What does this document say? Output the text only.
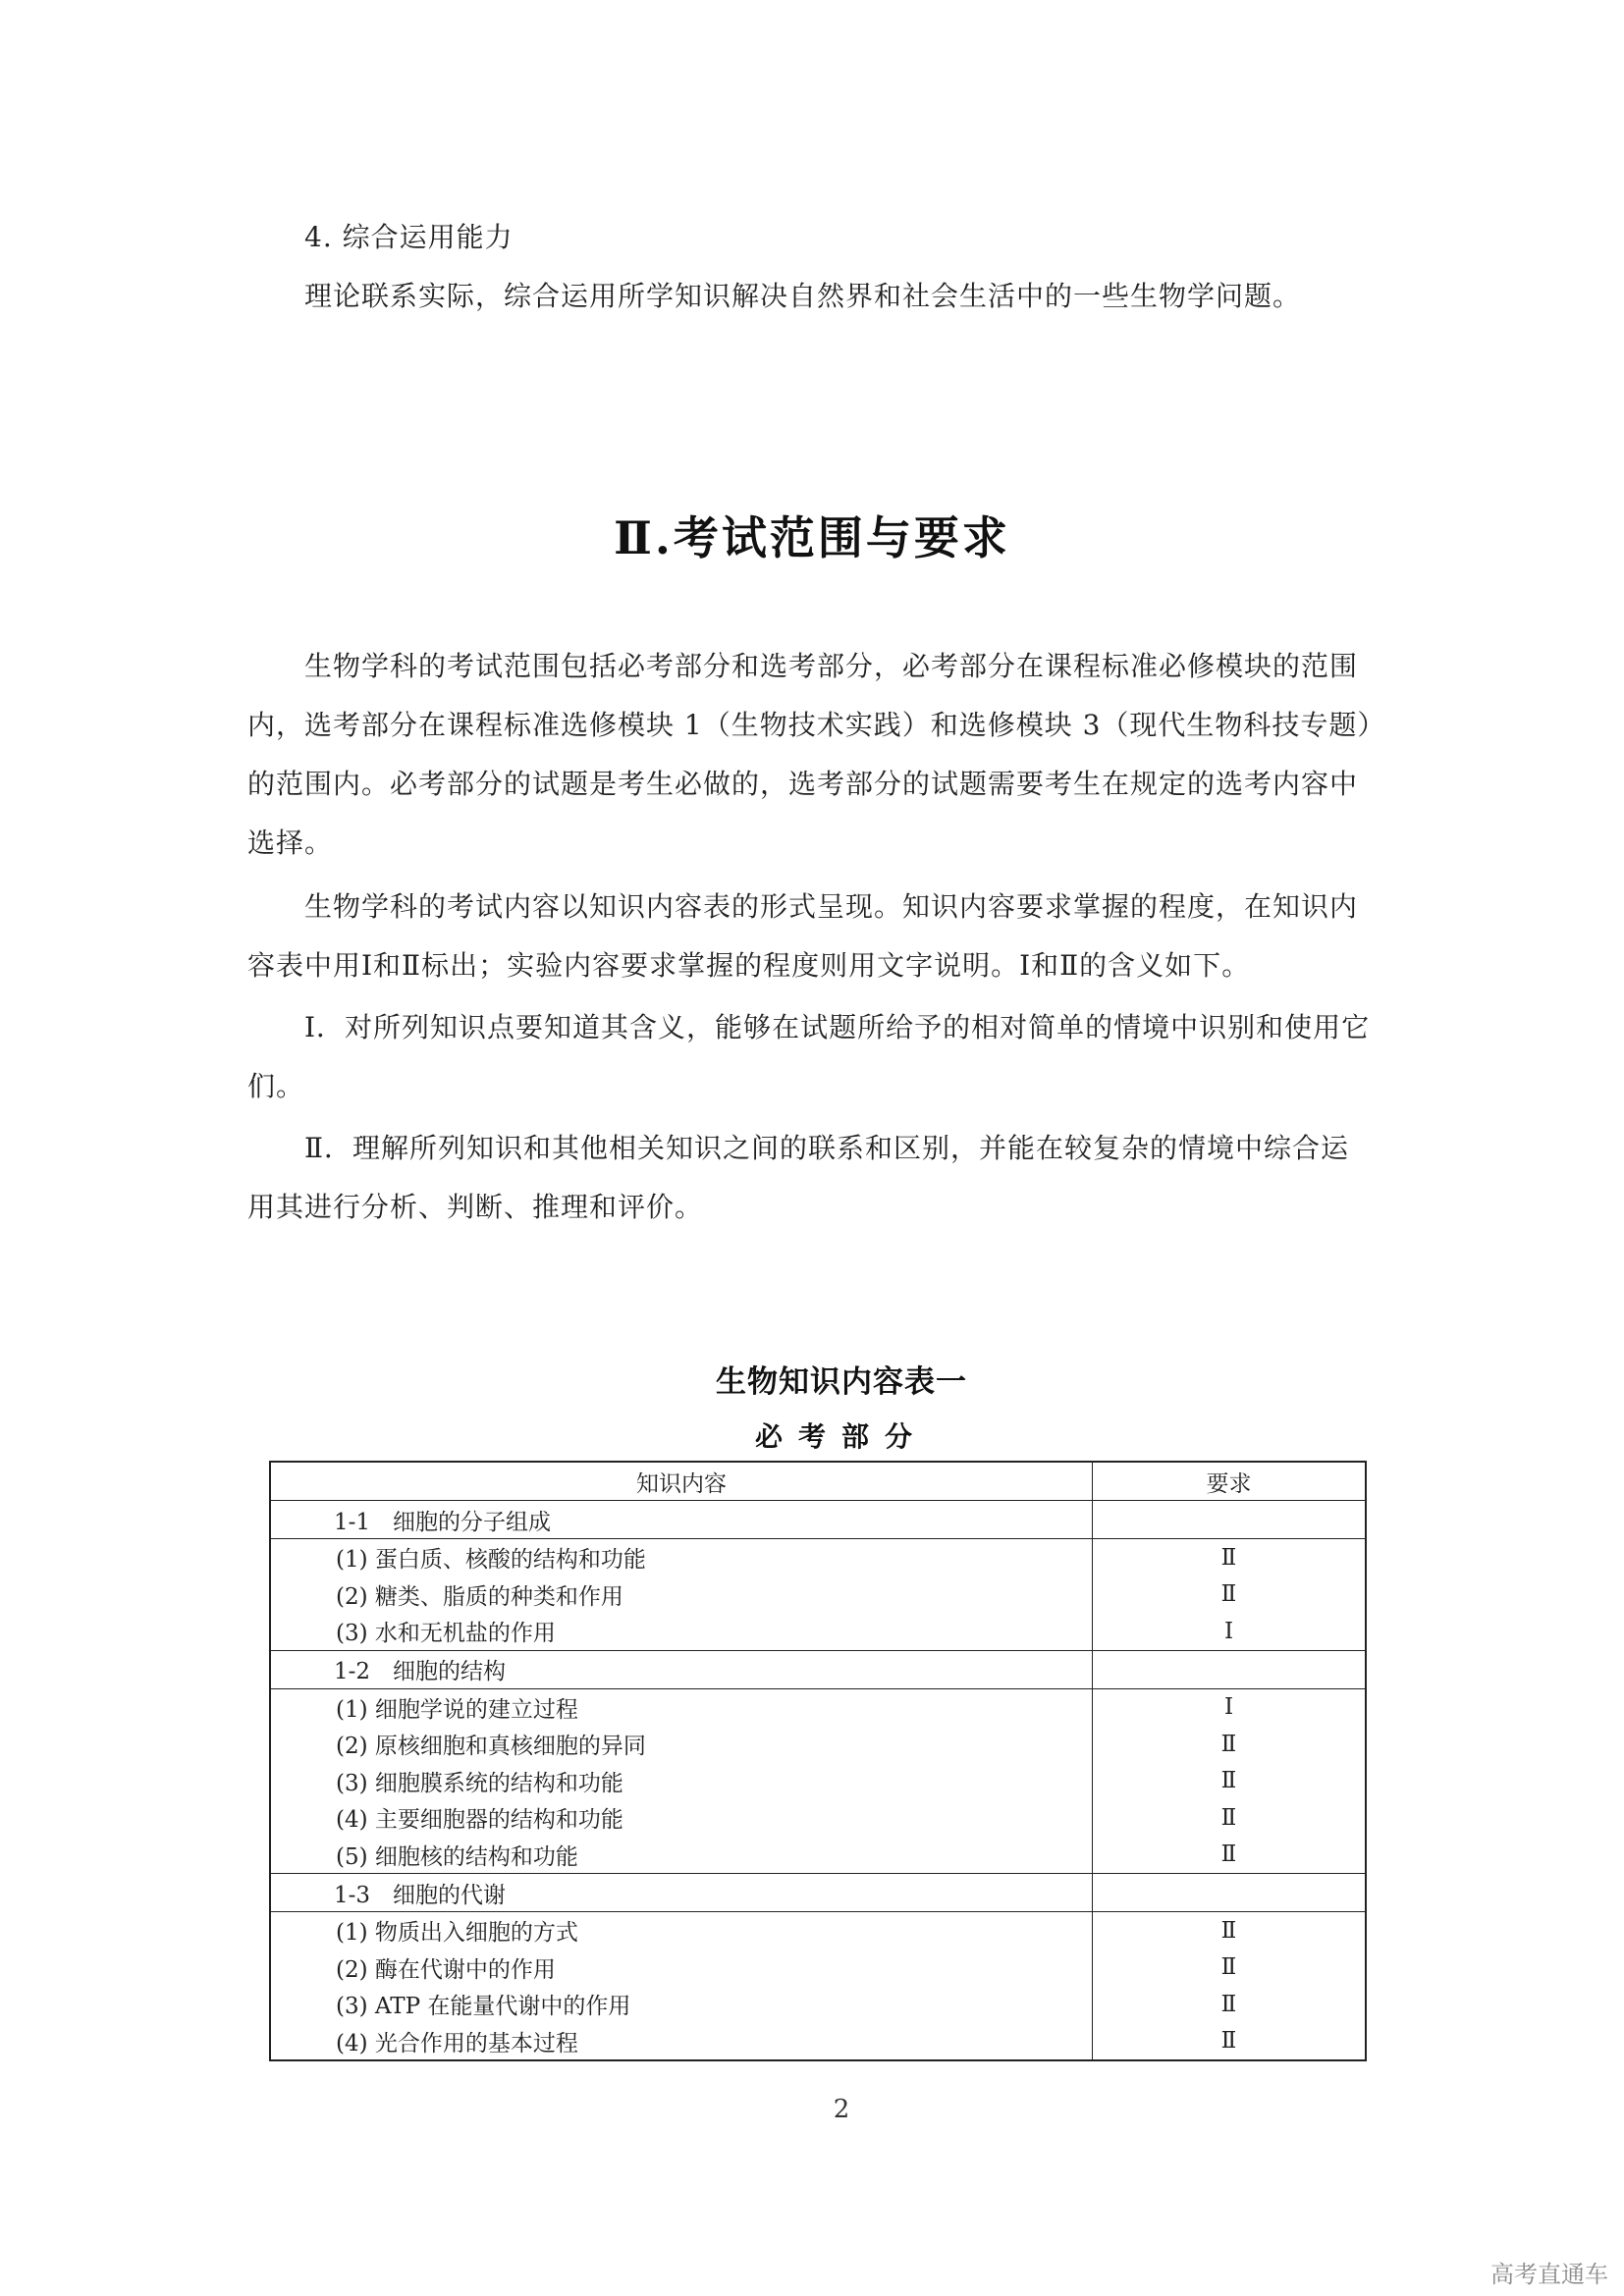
4. 综合运用能力
理论联系实际，综合运用所学知识解决自然界和社会生活中的一些生物学问题。
Ⅱ.考试范围与要求
生物学科的考试范围包括必考部分和选考部分，必考部分在课程标准必修模块的范围
内，选考部分在课程标准选修模块 1（生物技术实践）和选修模块 3（现代生物科技专题）
的范围内。必考部分的试题是考生必做的，选考部分的试题需要考生在规定的选考内容中
选择。
生物学科的考试内容以知识内容表的形式呈现。知识内容要求掌握的程度，在知识内
容表中用Ⅰ和Ⅱ标出；实验内容要求掌握的程度则用文字说明。Ⅰ和Ⅱ的含义如下。
Ⅰ．对所列知识点要知道其含义，能够在试题所给予的相对简单的情境中识别和使用它
们。
Ⅱ．理解所列知识和其他相关知识之间的联系和区别，并能在较复杂的情境中综合运
用其进行分析、判断、推理和评价。
生物知识内容表一
必考部分
知识内容	要求
1-1　细胞的分子组成	
(1) 蛋白质、核酸的结构和功能	Ⅱ
(2) 糖类、脂质的种类和作用	Ⅱ
(3) 水和无机盐的作用	Ⅰ
1-2　细胞的结构	
(1) 细胞学说的建立过程	Ⅰ
(2) 原核细胞和真核细胞的异同	Ⅱ
(3) 细胞膜系统的结构和功能	Ⅱ
(4) 主要细胞器的结构和功能	Ⅱ
(5) 细胞核的结构和功能	Ⅱ
1-3　细胞的代谢	
(1) 物质出入细胞的方式	Ⅱ
(2) 酶在代谢中的作用	Ⅱ
(3) ATP 在能量代谢中的作用	Ⅱ
(4) 光合作用的基本过程	Ⅱ
2
高考直通车
